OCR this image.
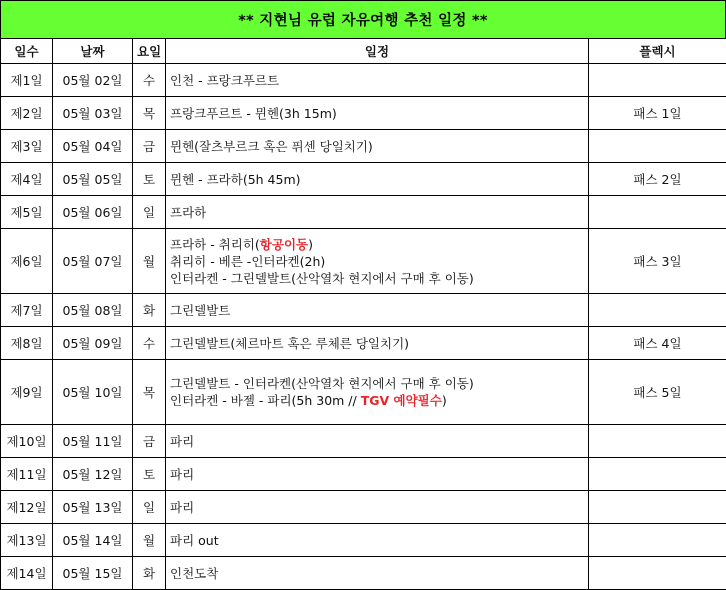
** 지현님 유럽 자유여행 추천 일정 **
일수	날짜	요일	일정	플렉시
제1일	05월 02일	수	인천 - 프랑크푸르트	

제2일	05월 03일	목	프랑크푸르트 - 뮌헨(3h 15m)	패스 1일
제3일	05월 04일	금	뮌헨(잘츠부르크 혹은 퓌센 당일치기)	

제4일	05월 05일	토	뮌헨 - 프라하(5h 45m)	패스 2일
제5일	05월 06일	일	프라하	

제6일	05월 07일	월	프라하 - 취리히(항공이동)
취리히 - 베른 -인터라켄(2h)
인터라켄 - 그린델발트(산악열차 현지에서 구매 후 이동)	패스 3일
제7일	05월 08일	화	그린델발트	

제8일	05월 09일	수	그린델발트(체르마트 혹은 루체른 당일치기)	패스 4일
제9일	05월 10일	목	그린델발트 - 인터라켄(산악열차 현지에서 구매 후 이동)
인터라켄 - 바젤 - 파리(5h 30m // TGV 예약필수)	패스 5일
제10일	05월 11일	금	파리	

제11일	05월 12일	토	파리	

제12일	05월 13일	일	파리	

제13일	05월 14일	월	파리 out	

제14일	05월 15일	화	인천도착	
